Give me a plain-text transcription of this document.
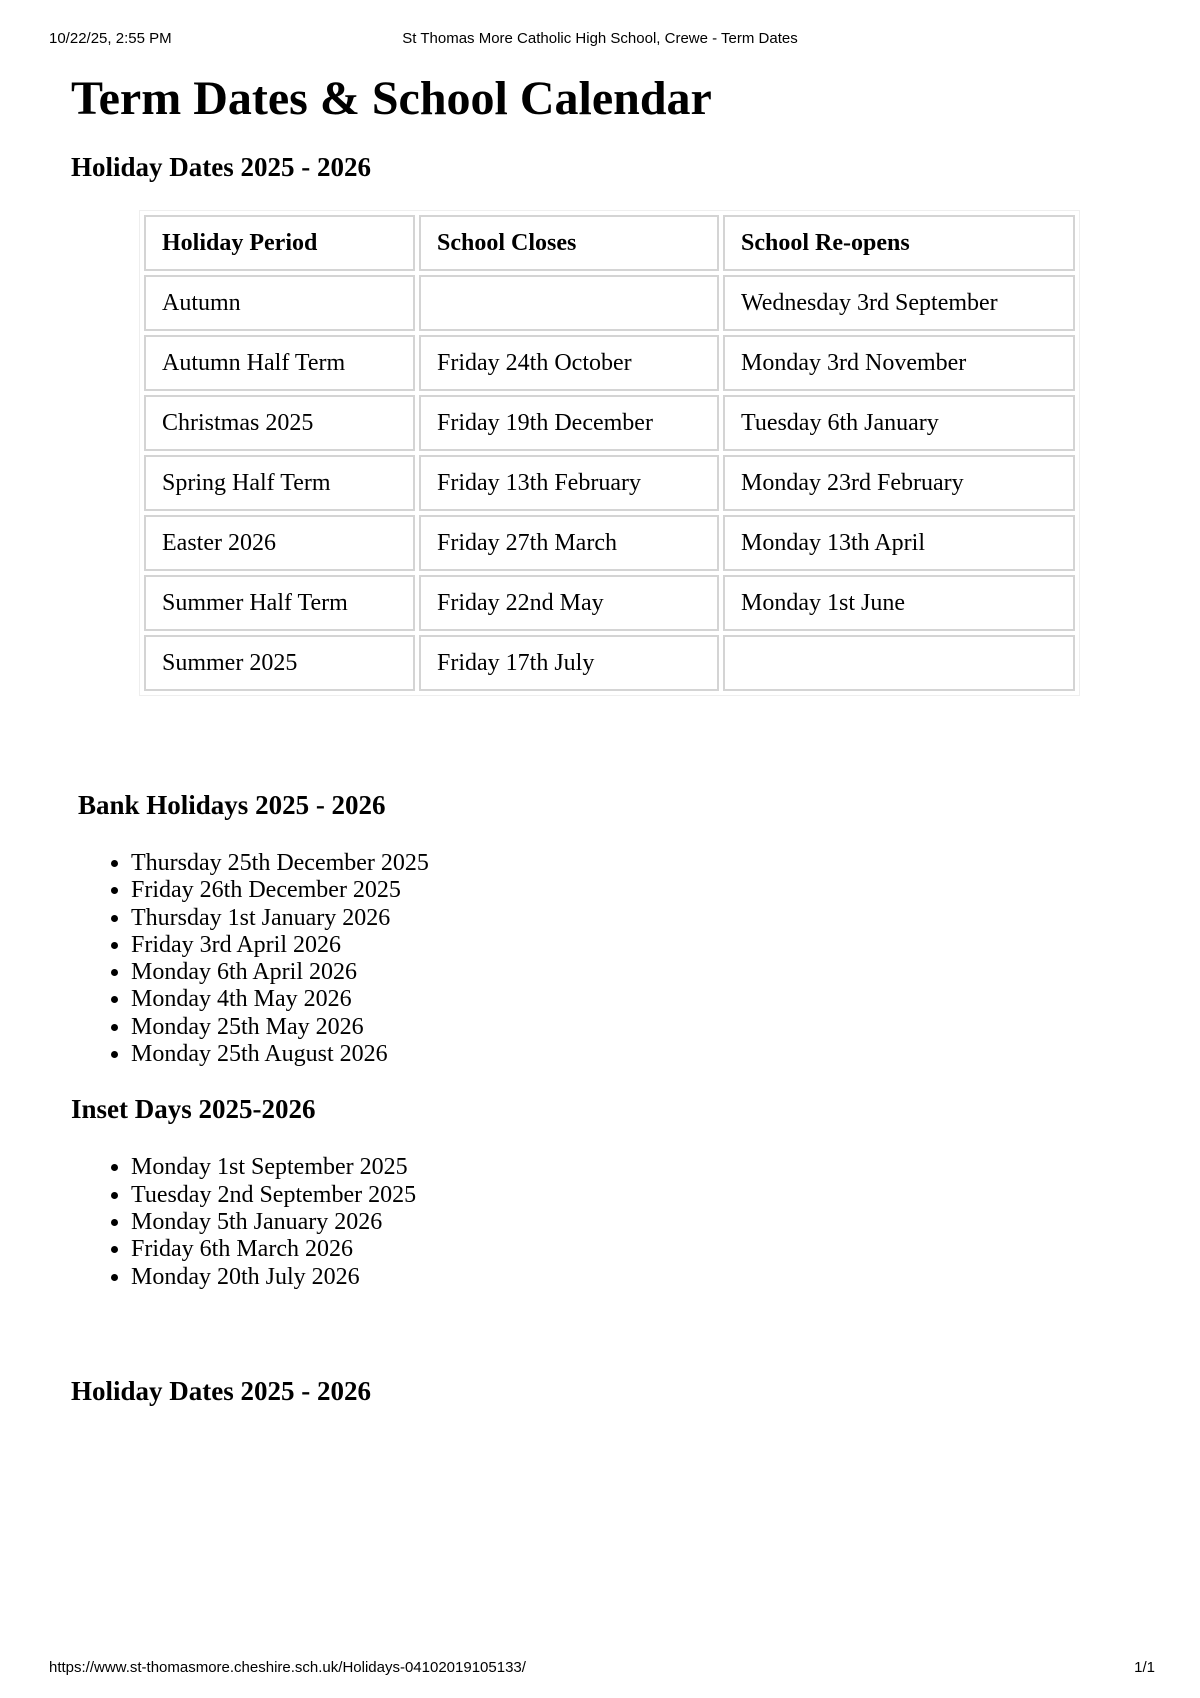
10/22/25, 2:55 PM	St Thomas More Catholic High School, Crewe - Term Dates
Term Dates & School Calendar
Holiday Dates 2025 - 2026
Holiday Period	School Closes	School Re-opens
Autumn		Wednesday 3rd September
Autumn Half Term	Friday 24th October	Monday 3rd November
Christmas 2025	Friday 19th December	Tuesday 6th January
Spring Half Term	Friday 13th February	Monday 23rd February
Easter 2026	Friday 27th March	Monday 13th April
Summer Half Term	Friday 22nd May	Monday 1st June
Summer 2025	Friday 17th July	
Bank Holidays 2025 - 2026
• Thursday 25th December 2025
• Friday 26th December 2025
• Thursday 1st January 2026
• Friday 3rd April 2026
• Monday 6th April 2026
• Monday 4th May 2026
• Monday 25th May 2026
• Monday 25th August 2026
Inset Days 2025-2026
• Monday 1st September 2025
• Tuesday 2nd September 2025
• Monday 5th January 2026
• Friday 6th March 2026
• Monday 20th July 2026
Holiday Dates 2025 - 2026
https://www.st-thomasmore.cheshire.sch.uk/Holidays-04102019105133/	1/1
